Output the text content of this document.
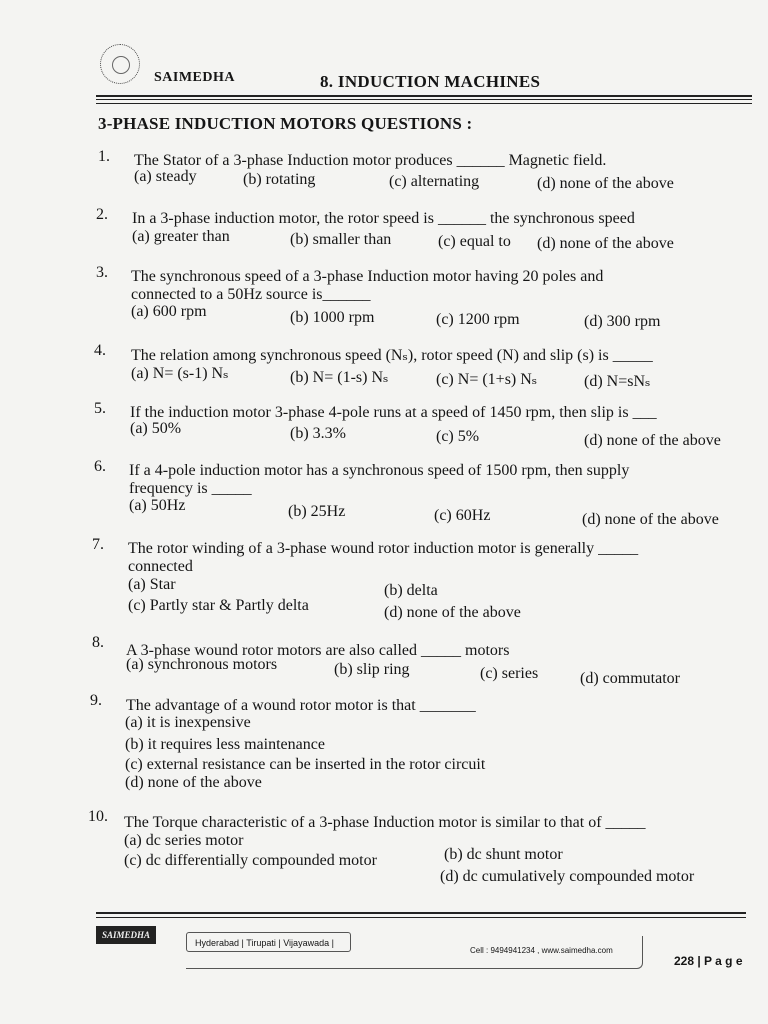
SAIMEDHA	8. INDUCTION MACHINES
3-PHASE INDUCTION MOTORS QUESTIONS :
1. The Stator of a 3-phase Induction motor produces ______ Magnetic field.
(a) steady	(b) rotating	(c) alternating	(d) none of the above
2. In a 3-phase induction motor, the rotor speed is ______ the synchronous speed
(a) greater than	(b) smaller than	(c) equal to (d) none of the above
3. The synchronous speed of a 3-phase Induction motor having 20 poles and
connected to a 50Hz source is______
(a) 600 rpm	(b) 1000 rpm	(c) 1200 rpm	(d) 300 rpm
4. The relation among synchronous speed (Nₛ), rotor speed (N) and slip (s) is _____
(a) N= (s-1) Nₛ	(b) N= (1-s) Nₛ	(c) N= (1+s) Nₛ	(d) N=sNₛ
5. If the induction motor 3-phase 4-pole runs at a speed of 1450 rpm, then slip is ___
(a) 50%	(b) 3.3%	(c) 5%	(d) none of the above
6. If a 4-pole induction motor has a synchronous speed of 1500 rpm, then supply
frequency is _____
(a) 50Hz	(b) 25Hz	(c) 60Hz	(d) none of the above
7. The rotor winding of a 3-phase wound rotor induction motor is generally _____
connected
(a) Star	(b) delta
(c) Partly star & Partly delta	(d) none of the above
8. A 3-phase wound rotor motors are also called _____ motors
(a) synchronous motors	(b) slip ring	(c) series	(d) commutator
9. The advantage of a wound rotor motor is that _______
(a) it is inexpensive
(b) it requires less maintenance
(c) external resistance can be inserted in the rotor circuit
(d) none of the above
10. The Torque characteristic of a 3-phase Induction motor is similar to that of _____
(a) dc series motor
(b) dc shunt motor
(c) dc differentially compounded motor
(d) dc cumulatively compounded motor
SAIMEDHA
Hyderabad | Tirupati | Vijayawada |
Cell : 9494941234 , www.saimedha.com
228 | P a g e
